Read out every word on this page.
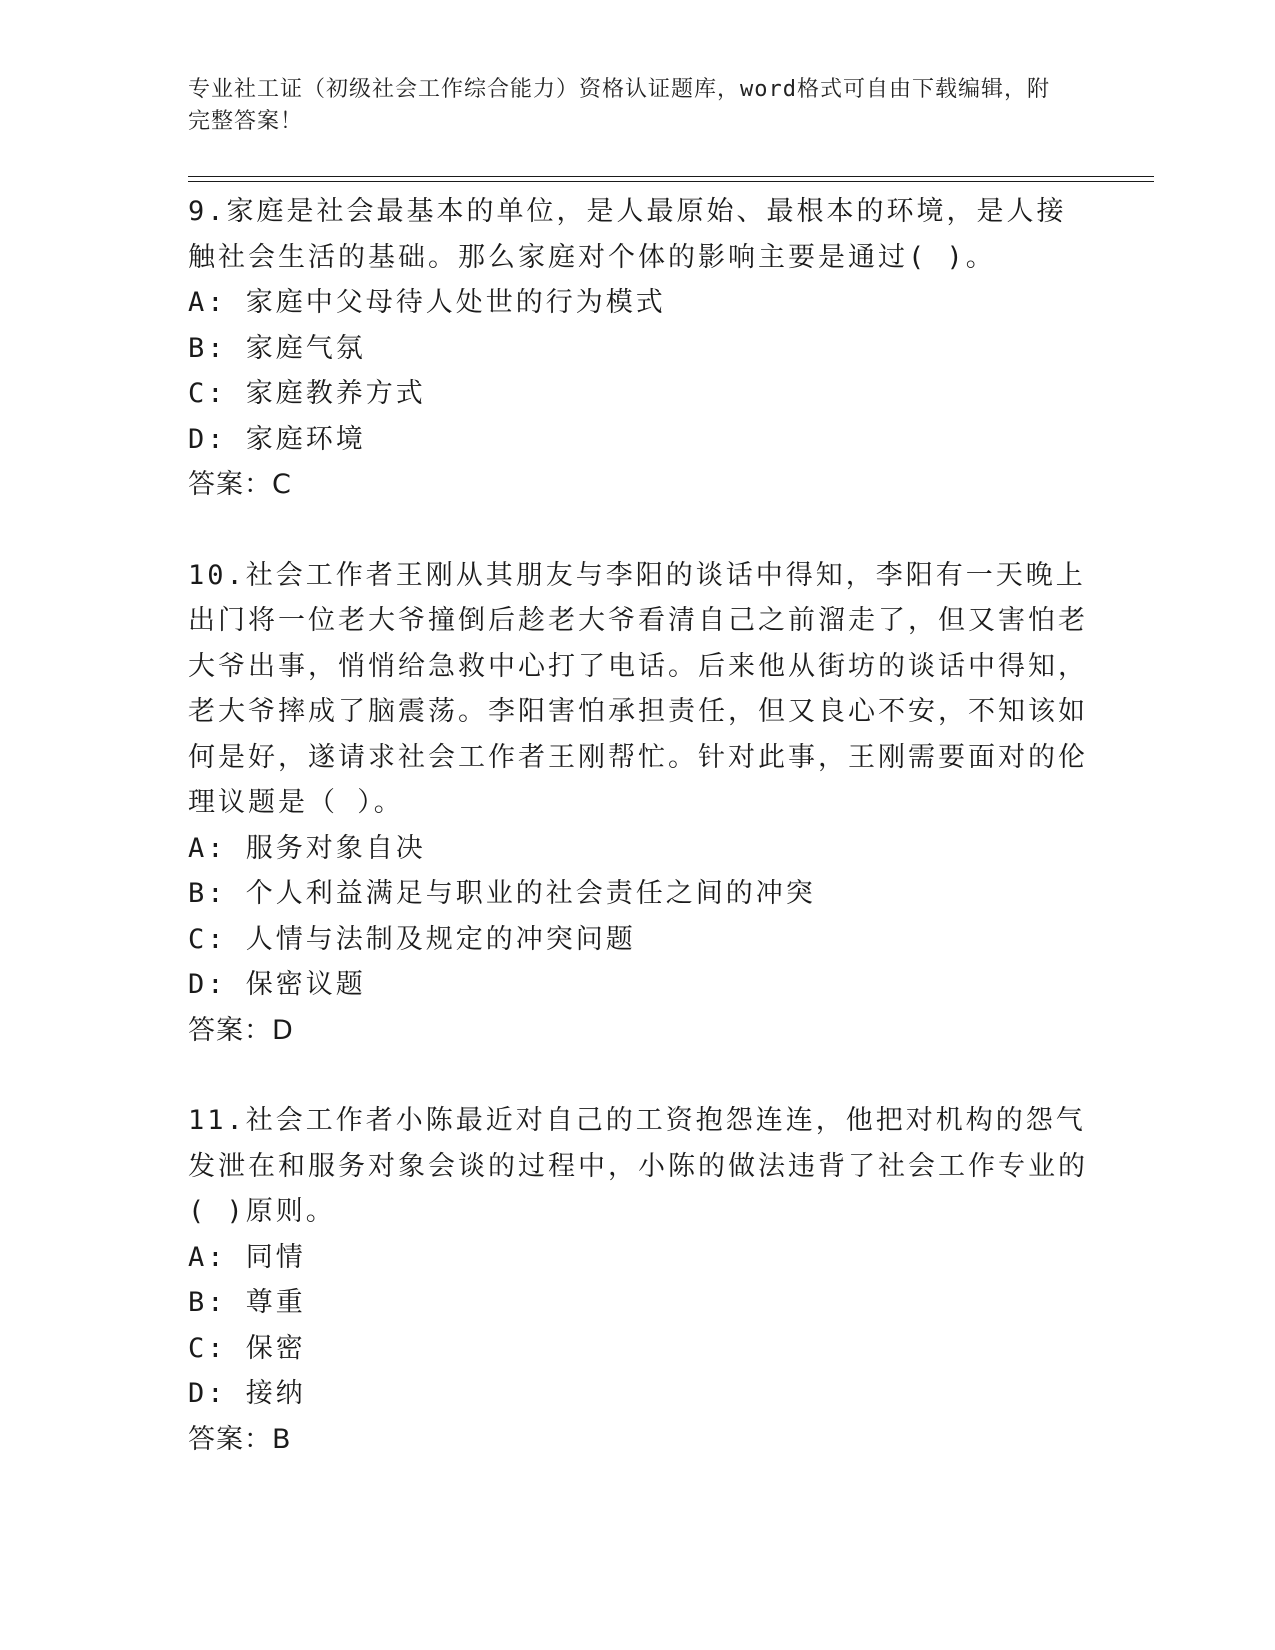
专业社工证（初级社会工作综合能力）资格认证题库，word格式可自由下载编辑，附完整答案！

9.家庭是社会最基本的单位，是人最原始、最根本的环境，是人接触社会生活的基础。那么家庭对个体的影响主要是通过( )。

A: 家庭中父母待人处世的行为模式

B: 家庭气氛

C: 家庭教养方式

D: 家庭环境

答案：C

10.社会工作者王刚从其朋友与李阳的谈话中得知，李阳有一天晚上出门将一位老大爷撞倒后趁老大爷看清自己之前溜走了，但又害怕老大爷出事，悄悄给急救中心打了电话。后来他从街坊的谈话中得知，老大爷摔成了脑震荡。李阳害怕承担责任，但又良心不安，不知该如何是好，遂请求社会工作者王刚帮忙。针对此事，王刚需要面对的伦理议题是（ ）。

A: 服务对象自决

B: 个人利益满足与职业的社会责任之间的冲突

C: 人情与法制及规定的冲突问题

D: 保密议题

答案：D

11.社会工作者小陈最近对自己的工资抱怨连连，他把对机构的怨气发泄在和服务对象会谈的过程中，小陈的做法违背了社会工作专业的( )原则。

A: 同情

B: 尊重

C: 保密

D: 接纳

答案：B
